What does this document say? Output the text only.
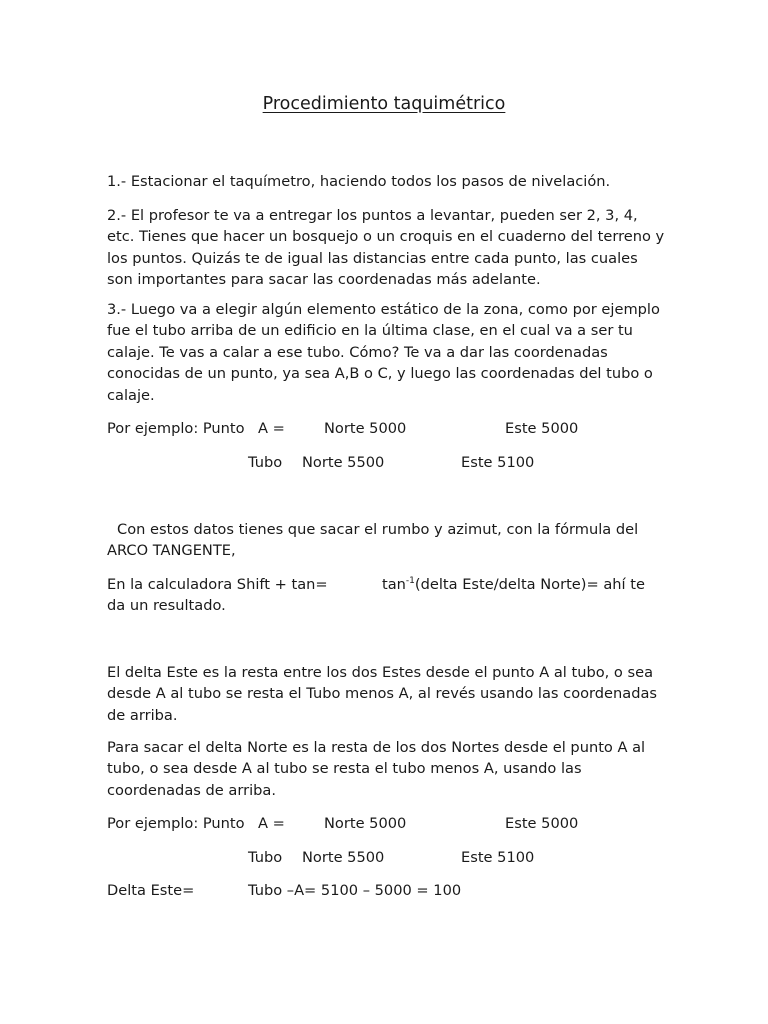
Procedimiento taquimétrico

1.- Estacionar el taquímetro, haciendo todos los pasos de nivelación.

2.- El profesor te va a entregar los puntos a levantar, pueden ser 2, 3, 4, etc. Tienes que hacer un bosquejo o un croquis en el cuaderno del terreno y los puntos. Quizás te de igual las distancias entre cada punto, las cuales son importantes para sacar las coordenadas más adelante.

3.- Luego va a elegir algún elemento estático de la zona, como por ejemplo fue el tubo arriba de un edificio en la última clase, en el cual va a ser tu calaje. Te vas a calar a ese tubo. Cómo? Te va a dar las coordenadas conocidas de un punto, ya sea A,B o C, y luego las coordenadas del tubo o calaje.

Por ejemplo: Punto A =	Norte 5000	Este 5000
Tubo Norte 5500	Este 5100

Con estos datos tienes que sacar el rumbo y azimut, con la fórmula del ARCO TANGENTE,

En la calculadora Shift + tan=	$\tan^{-1}(delta$ Este/delta Norte)= ahí te
da un resultado.

El delta Este es la resta entre los dos Estes desde el punto A al tubo, o sea desde A al tubo se resta el Tubo menos A, al revés usando las coordenadas de arriba.

Para sacar el delta Norte es la resta de los dos Nortes desde el punto A al tubo, o sea desde A al tubo se resta el tubo menos A, usando las coordenadas de arriba.

Por ejemplo: Punto A =	Norte 5000	Este 5000
Tubo Norte 5500	Este 5100
Delta Este=	Tubo –A= 5100 – 5000 = 100
